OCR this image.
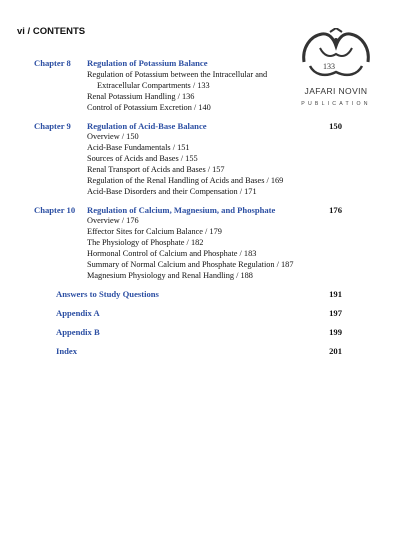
vi / CONTENTS
133
JAFARI NOVIN
PUBLICATION
Chapter 8 Regulation of Potassium Balance
Regulation of Potassium between the Intracellular and
Extracellular Compartments / 133
Renal Potassium Handling / 136
Control of Potassium Excretion / 140
Chapter 9 Regulation of Acid-Base Balance	150
Overview / 150
Acid-Base Fundamentals / 151
Sources of Acids and Bases / 155
Renal Transport of Acids and Bases / 157
Regulation of the Renal Handling of Acids and Bases / 169
Acid-Base Disorders and their Compensation / 171
Chapter 10 Regulation of Calcium, Magnesium, and Phosphate	176
Overview / 176
Effector Sites for Calcium Balance / 179
The Physiology of Phosphate / 182
Hormonal Control of Calcium and Phosphate / 183
Summary of Normal Calcium and Phosphate Regulation / 187
Magnesium Physiology and Renal Handling / 188
Answers to Study Questions	191
Appendix A	197
Appendix B	199
Index	201
